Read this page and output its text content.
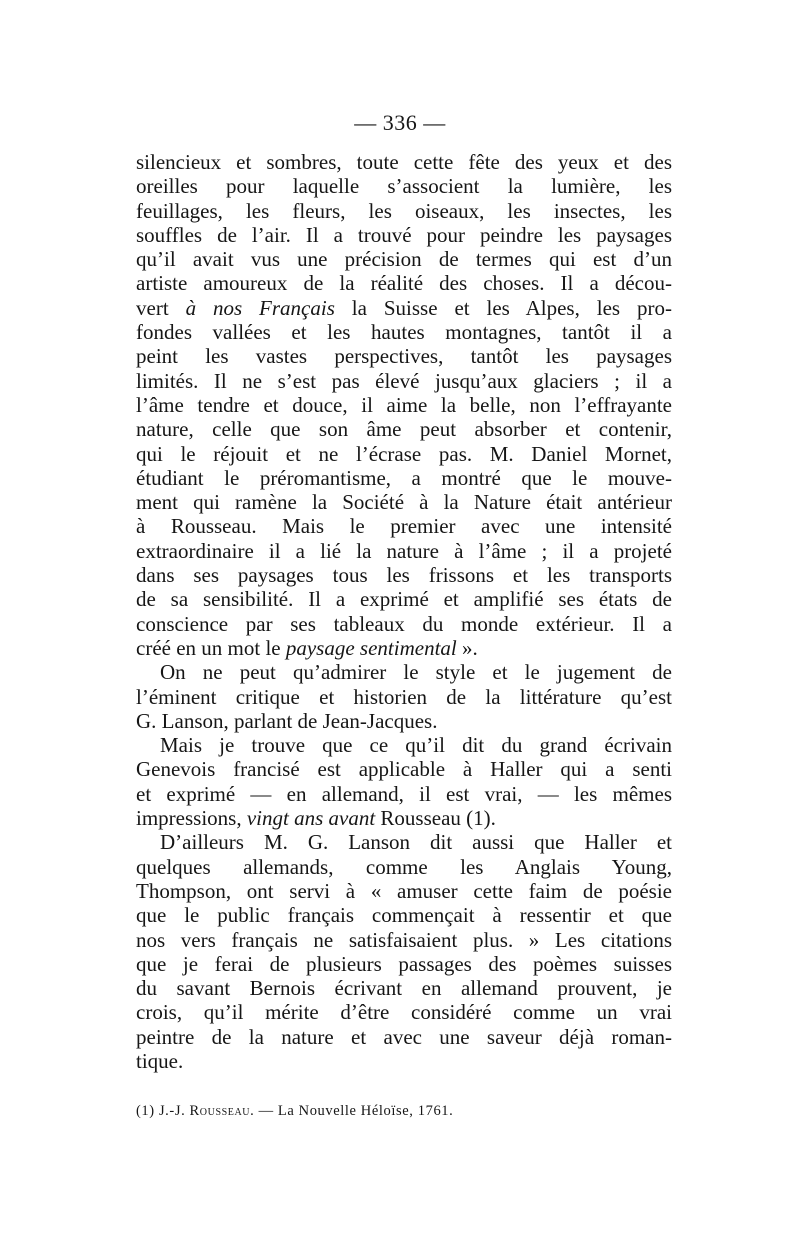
— 336 —
silencieux et sombres, toute cette fête des yeux et des
oreilles pour laquelle s’associent la lumière, les
feuillages, les fleurs, les oiseaux, les insectes, les
souffles de l’air. Il a trouvé pour peindre les paysages
qu’il avait vus une précision de termes qui est d’un
artiste amoureux de la réalité des choses. Il a décou-
vert à nos Français la Suisse et les Alpes, les pro-
fondes vallées et les hautes montagnes, tantôt il a
peint les vastes perspectives, tantôt les paysages
limités. Il ne s’est pas élevé jusqu’aux glaciers ; il a
l’âme tendre et douce, il aime la belle, non l’effrayante
nature, celle que son âme peut absorber et contenir,
qui le réjouit et ne l’écrase pas. M. Daniel Mornet,
étudiant le préromantisme, a montré que le mouve-
ment qui ramène la Société à la Nature était antérieur
à Rousseau. Mais le premier avec une intensité
extraordinaire il a lié la nature à l’âme ; il a projeté
dans ses paysages tous les frissons et les transports
de sa sensibilité. Il a exprimé et amplifié ses états de
conscience par ses tableaux du monde extérieur. Il a
créé en un mot le paysage sentimental ».
On ne peut qu’admirer le style et le jugement de
l’éminent critique et historien de la littérature qu’est
G. Lanson, parlant de Jean-Jacques.
Mais je trouve que ce qu’il dit du grand écrivain
Genevois francisé est applicable à Haller qui a senti
et exprimé — en allemand, il est vrai, — les mêmes
impressions, vingt ans avant Rousseau (1).
D’ailleurs M. G. Lanson dit aussi que Haller et
quelques allemands, comme les Anglais Young,
Thompson, ont servi à « amuser cette faim de poésie
que le public français commençait à ressentir et que
nos vers français ne satisfaisaient plus. » Les citations
que je ferai de plusieurs passages des poèmes suisses
du savant Bernois écrivant en allemand prouvent, je
crois, qu’il mérite d’être considéré comme un vrai
peintre de la nature et avec une saveur déjà roman-
tique.
(1) J.-J. Rousseau. — La Nouvelle Héloïse, 1761.
